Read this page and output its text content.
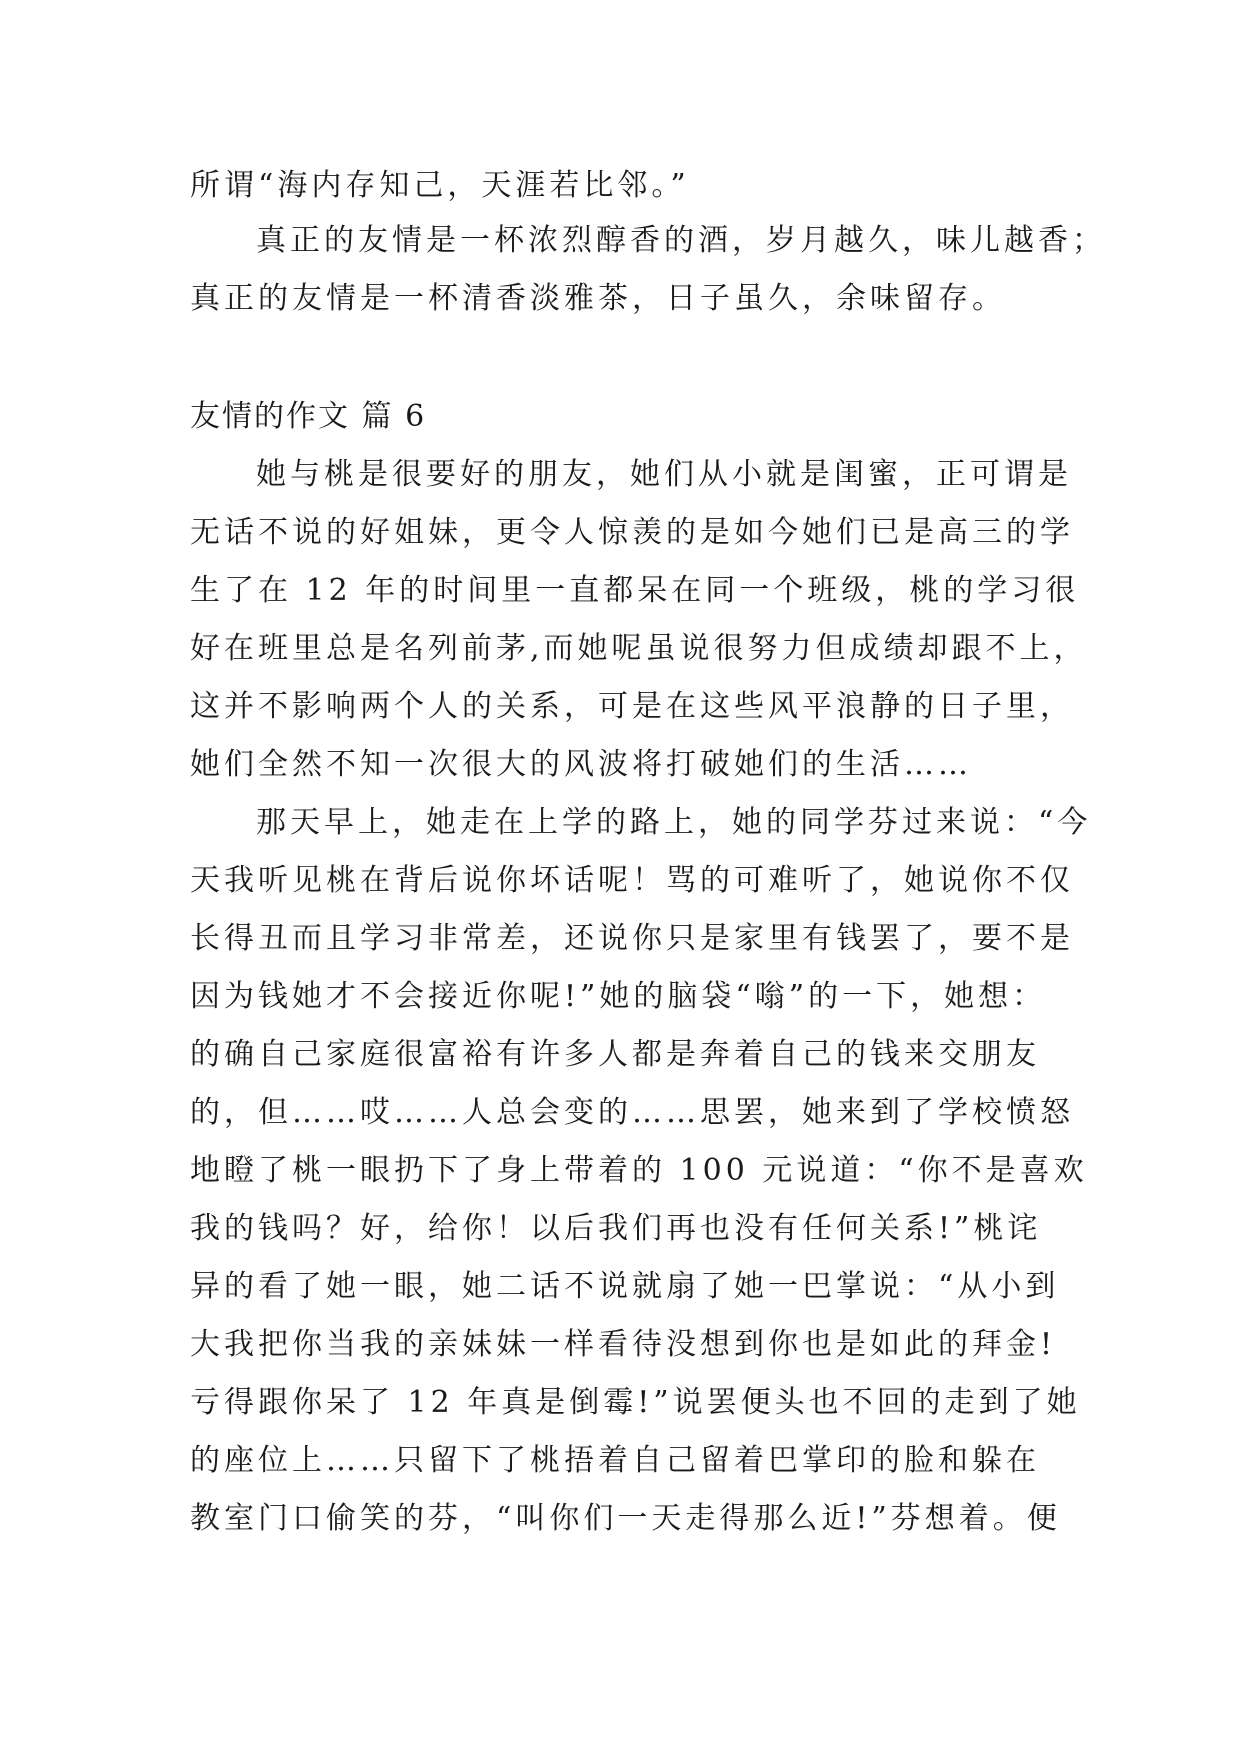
所谓“海内存知己，天涯若比邻。”
真正的友情是一杯浓烈醇香的酒，岁月越久，味儿越香；
真正的友情是一杯清香淡雅茶，日子虽久，余味留存。
友情的作文 篇 6
她与桃是很要好的朋友，她们从小就是闺蜜，正可谓是
无话不说的好姐妹，更令人惊羡的是如今她们已是高三的学
生了在 12 年的时间里一直都呆在同一个班级，桃的学习很
好在班里总是名列前茅,而她呢虽说很努力但成绩却跟不上，
这并不影响两个人的关系，可是在这些风平浪静的日子里，
她们全然不知一次很大的风波将打破她们的生活……
那天早上，她走在上学的路上，她的同学芬过来说：“今
天我听见桃在背后说你坏话呢！骂的可难听了，她说你不仅
长得丑而且学习非常差，还说你只是家里有钱罢了，要不是
因为钱她才不会接近你呢!”她的脑袋“嗡”的一下，她想：
的确自己家庭很富裕有许多人都是奔着自己的钱来交朋友
的，但……哎……人总会变的……思罢，她来到了学校愤怒
地瞪了桃一眼扔下了身上带着的 100 元说道：“你不是喜欢
我的钱吗？好，给你！以后我们再也没有任何关系!”桃诧
异的看了她一眼，她二话不说就扇了她一巴掌说：“从小到
大我把你当我的亲妹妹一样看待没想到你也是如此的拜金!
亏得跟你呆了 12 年真是倒霉!”说罢便头也不回的走到了她
的座位上……只留下了桃捂着自己留着巴掌印的脸和躲在
教室门口偷笑的芬，“叫你们一天走得那么近!”芬想着。便
